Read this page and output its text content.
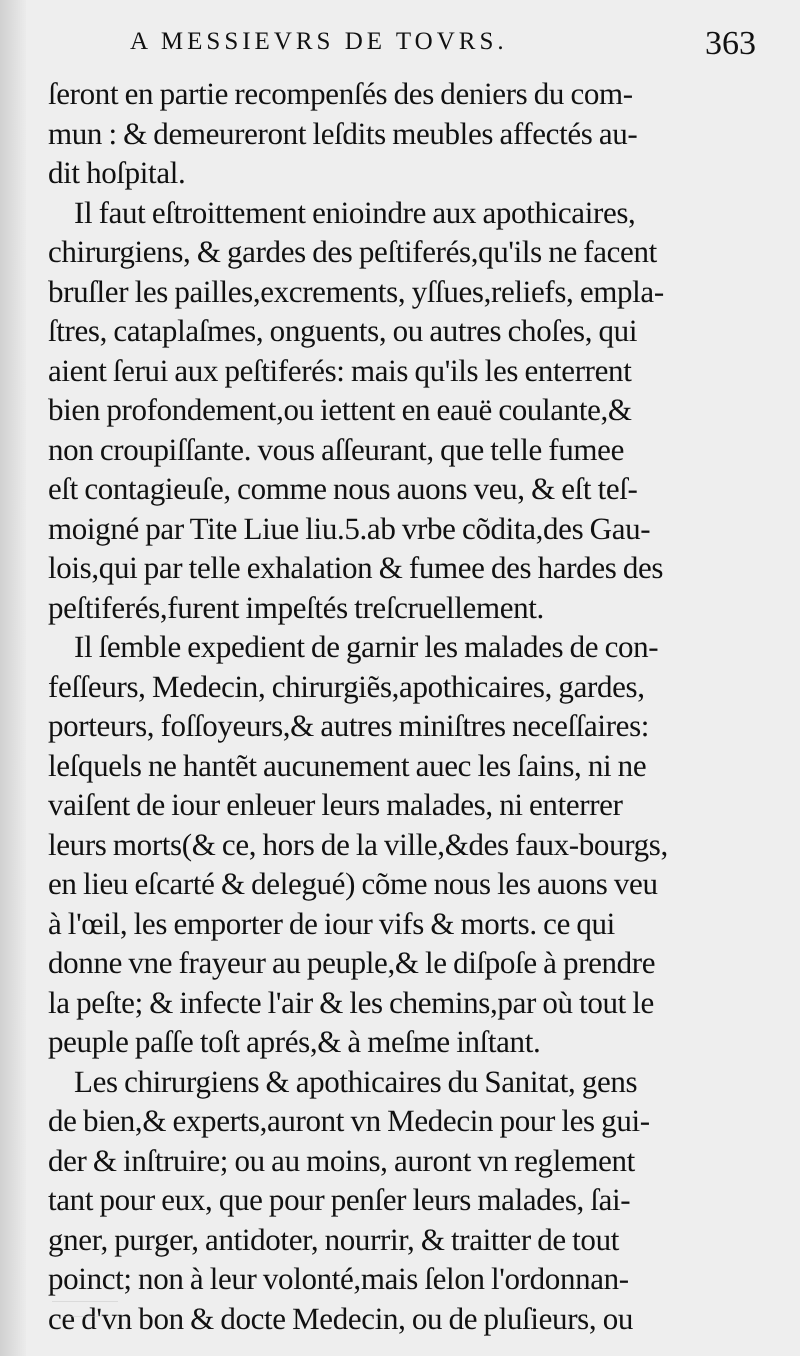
A MESSIEVRS DE TOVRS.	363
ſeront en partie recompenſés des deniers du com-
mun : & demeureront leſdits meubles affectés au-
dit hoſpital.
Il faut eſtroittement enioindre aux apothicaires,
chirurgiens, & gardes des peſtiferés,qu'ils ne facent
bruſler les pailles,excrements, yſſues,reliefs, empla-
ſtres, cataplaſmes, onguents, ou autres choſes, qui
aient ſerui aux peſtiferés: mais qu'ils les enterrent
bien profondement,ou iettent en eauë coulante,&
non croupiſſante. vous aſſeurant, que telle fumee
eſt contagieuſe, comme nous auons veu, & eſt teſ-
moigné par Tite Liue liu.5.ab vrbe cõdita,des Gau-
lois,qui par telle exhalation & fumee des hardes des
peſtiferés,furent impeſtés treſcruellement.
Il ſemble expedient de garnir les malades de con-
feſſeurs, Medecin, chirurgiẽs,apothicaires, gardes,
porteurs, foſſoyeurs,& autres miniſtres neceſſaires:
leſquels ne hantẽt aucunement auec les ſains, ni ne
vaiſent de iour enleuer leurs malades, ni enterrer
leurs morts(& ce, hors de la ville,&des faux-bourgs,
en lieu eſcarté & delegué) cõme nous les auons veu
à l'œil, les emporter de iour vifs & morts. ce qui
donne vne frayeur au peuple,& le diſpoſe à prendre
la peſte; & infecte l'air & les chemins,par où tout le
peuple paſſe toſt aprés,& à meſme inſtant.
Les chirurgiens & apothicaires du Sanitat, gens
de bien,& experts,auront vn Medecin pour les gui-
der & inſtruire; ou au moins, auront vn reglement
tant pour eux, que pour penſer leurs malades, ſai-
gner, purger, antidoter, nourrir, & traitter de tout
poinct; non à leur volonté,mais ſelon l'ordonnan-
ce d'vn bon & docte Medecin, ou de pluſieurs, ou
